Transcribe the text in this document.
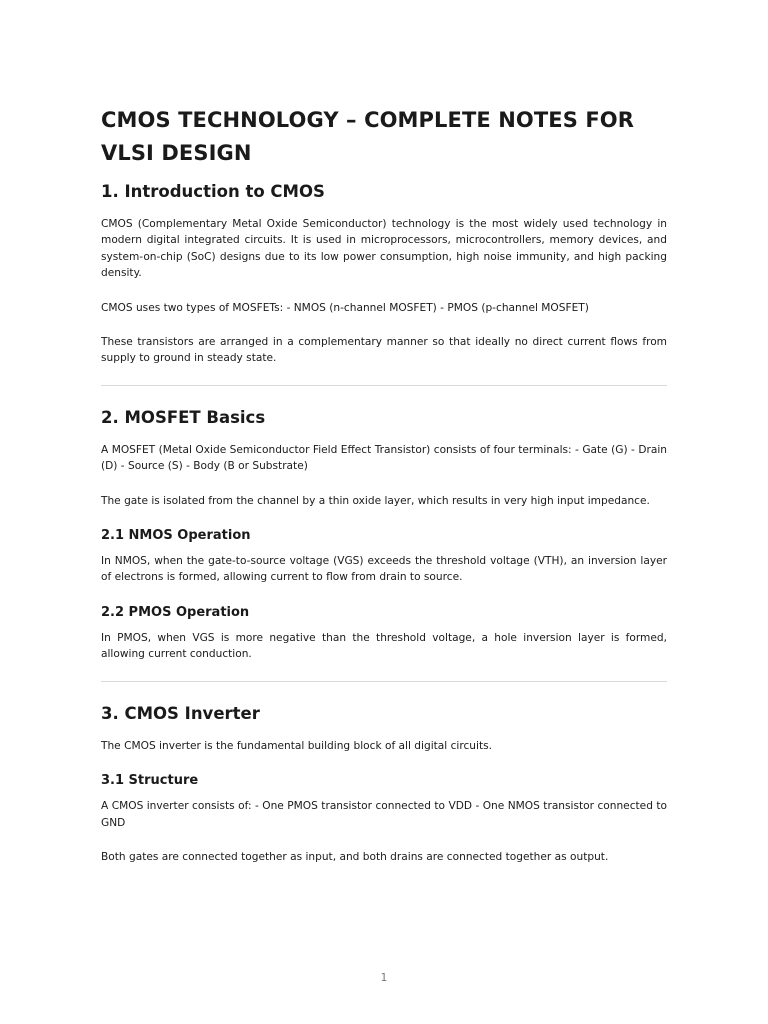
CMOS TECHNOLOGY – COMPLETE NOTES FOR VLSI DESIGN
1. Introduction to CMOS

CMOS (Complementary Metal Oxide Semiconductor) technology is the most widely used technology in modern digital integrated circuits. It is used in microprocessors, microcontrollers, memory devices, and system-on-chip (SoC) designs due to its low power consumption, high noise immunity, and high packing density.

CMOS uses two types of MOSFETs: - NMOS (n-channel MOSFET) - PMOS (p-channel MOSFET)

These transistors are arranged in a complementary manner so that ideally no direct current flows from supply to ground in steady state.

2. MOSFET Basics

A MOSFET (Metal Oxide Semiconductor Field Effect Transistor) consists of four terminals: - Gate (G) - Drain (D) - Source (S) - Body (B or Substrate)

The gate is isolated from the channel by a thin oxide layer, which results in very high input impedance.

2.1 NMOS Operation

In NMOS, when the gate-to-source voltage (VGS) exceeds the threshold voltage (VTH), an inversion layer of electrons is formed, allowing current to flow from drain to source.

2.2 PMOS Operation

In PMOS, when VGS is more negative than the threshold voltage, a hole inversion layer is formed, allowing current conduction.

3. CMOS Inverter

The CMOS inverter is the fundamental building block of all digital circuits.

3.1 Structure

A CMOS inverter consists of: - One PMOS transistor connected to VDD - One NMOS transistor connected to GND

Both gates are connected together as input, and both drains are connected together as output.

1
